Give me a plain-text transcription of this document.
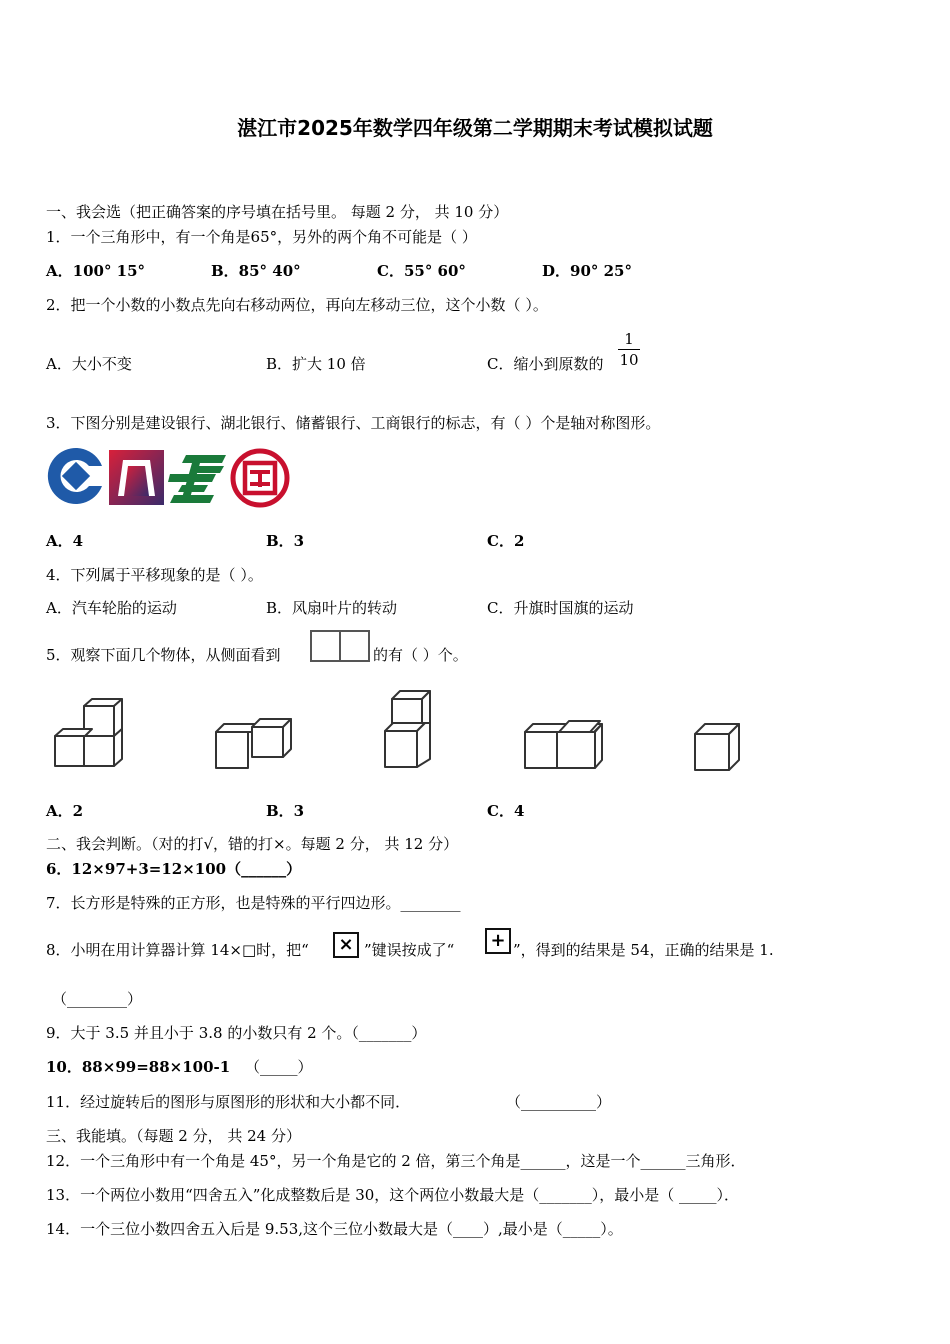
湛江市2025年数学四年级第二学期期末考试模拟试题
一、我会选（把正确答案的序号填在括号里。 每题 2 分， 共 10 分）
1．一个三角形中，有一个角是65°，另外的两个角不可能是（ ）
A．100° 15°	B．85° 40°	C．55° 60°	D．90° 25°
2．把一个小数的小数点先向右移动两位，再向左移动三位，这个小数（ ）。
A．大小不变	B．扩大 10 倍	C．缩小到原数的
1
10
3．下图分别是建设银行、湖北银行、储蓄银行、工商银行的标志，有（ ）个是轴对称图形。
A．4	B．3	C．2
4．下列属于平移现象的是（ ）。
A．汽车轮胎的运动	B．风扇叶片的转动	C．升旗时国旗的运动
5．观察下面几个物体，从侧面看到	的有（ ）个。
A．2	B．3	C．4
二、我会判断。（对的打√，错的打×。每题 2 分， 共 12 分）
6．12×97+3=12×100（______）
7．长方形是特殊的正方形，也是特殊的平行四边形。________
8．小明在用计算器计算 14×□时，把“	× ”键误按成了“	+ ”，得到的结果是 54，正确的结果是 1.
（________）
9．大于 3.5 并且小于 3.8 的小数只有 2 个。（_______）
10．88×99=88×100-1 （_____）
11．经过旋转后的图形与原图形的形状和大小都不同．	（__________）
三、我能填。（每题 2 分， 共 24 分）
12．一个三角形中有一个角是 45°，另一个角是它的 2 倍，第三个角是______，这是一个______三角形．
13．一个两位小数用“四舍五入”化成整数后是 30，这个两位小数最大是（_______），最小是（ _____）．
14．一个三位小数四舍五入后是 9.53,这个三位小数最大是（____）,最小是（_____）。
